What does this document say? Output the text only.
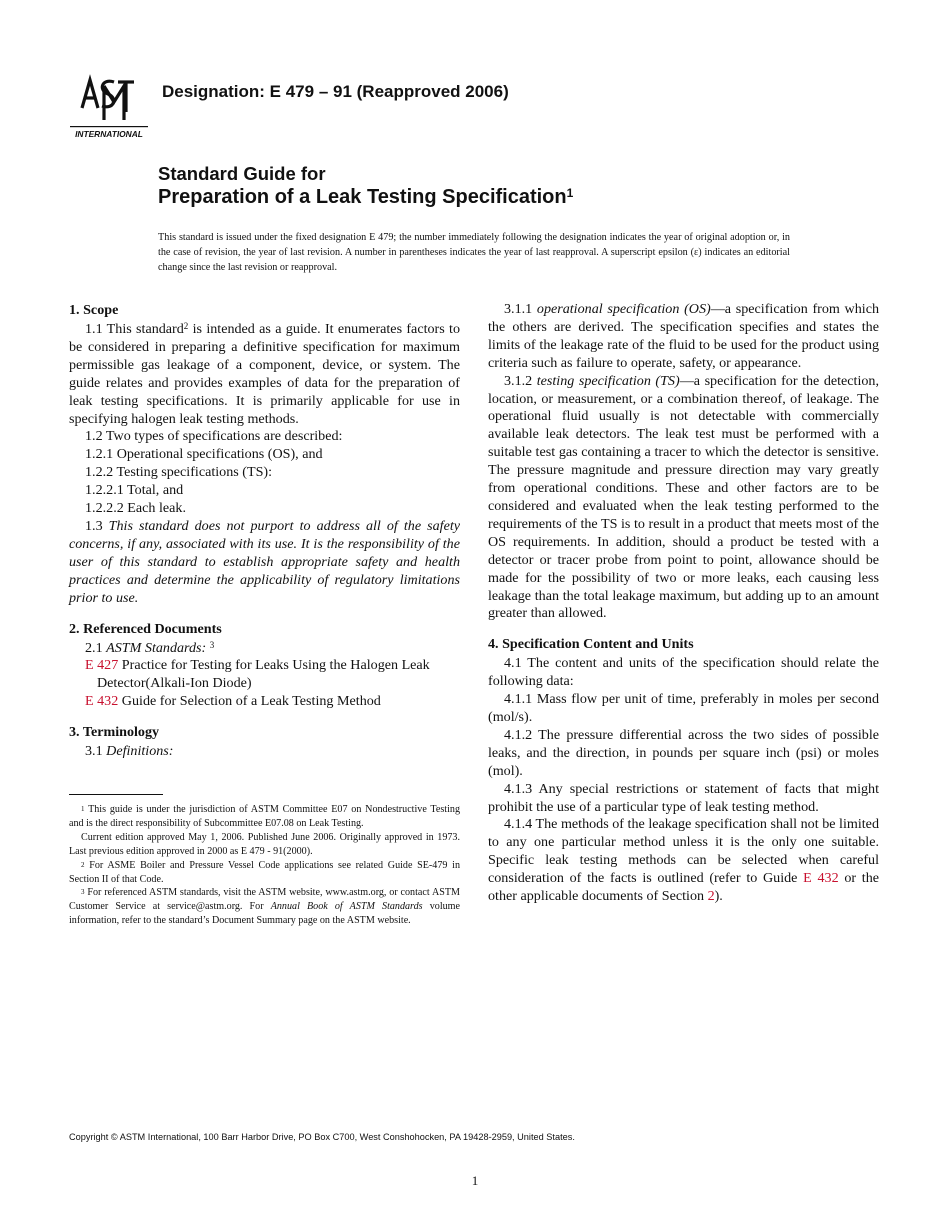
INTERNATIONAL
Designation: E 479 – 91 (Reapproved 2006)
Standard Guide for
Preparation of a Leak Testing Specification$^1$
This standard is issued under the fixed designation E 479; the number immediately following the designation indicates the year of original adoption or, in the case of revision, the year of last revision. A number in parentheses indicates the year of last reapproval. A superscript epsilon (ε) indicates an editorial change since the last revision or reapproval.
1. Scope

1.1 This standard$^2$ is intended as a guide. It enumerates factors to be considered in preparing a definitive specification for maximum permissible gas leakage of a component, device, or system. The guide relates and provides examples of data for the preparation of leak testing specifications. It is primarily applicable for use in specifying halogen leak testing methods.

1.2 Two types of specifications are described:

1.2.1 Operational specifications (OS), and

1.2.2 Testing specifications (TS):

1.2.2.1 Total, and

1.2.2.2 Each leak.

1.3 This standard does not purport to address all of the safety concerns, if any, associated with its use. It is the responsibility of the user of this standard to establish appropriate safety and health practices and determine the applicability of regulatory limitations prior to use.

2. Referenced Documents

2.1 ASTM Standards: $^3$

E 427 Practice for Testing for Leaks Using the Halogen Leak Detector(Alkali-Ion Diode)

E 432 Guide for Selection of a Leak Testing Method

3. Terminology

3.1 Definitions:

$^1$ This guide is under the jurisdiction of ASTM Committee E07 on Nondestructive Testing and is the direct responsibility of Subcommittee E07.08 on Leak Testing.

Current edition approved May 1, 2006. Published June 2006. Originally approved in 1973. Last previous edition approved in 2000 as E 479 - 91(2000).

$^2$ For ASME Boiler and Pressure Vessel Code applications see related Guide SE-479 in Section II of that Code.

$^3$ For referenced ASTM standards, visit the ASTM website, www.astm.org, or contact ASTM Customer Service at service@astm.org. For Annual Book of ASTM Standards volume information, refer to the standard’s Document Summary page on the ASTM website.

3.1.1 operational specification (OS)—a specification from which the others are derived. The specification specifies and states the limits of the leakage rate of the fluid to be used for the product using criteria such as failure to operate, safety, or appearance.

3.1.2 testing specification (TS)—a specification for the detection, location, or measurement, or a combination thereof, of leakage. The operational fluid usually is not detectable with commercially available leak detectors. The leak test must be performed with a suitable test gas containing a tracer to which the detector is sensitive. The pressure magnitude and pressure direction may vary greatly from operational conditions. These and other factors are to be considered and evaluated when the leak testing performed to the requirements of the TS is to result in a product that meets most of the OS requirements. In addition, should a product be tested with a detector or tracer probe from point to point, allowance should be made for the possibility of two or more leaks, each causing less leakage than the total leakage maximum, but adding up to an amount greater than allowed.

4. Specification Content and Units

4.1 The content and units of the specification should relate the following data:

4.1.1 Mass flow per unit of time, preferably in moles per second (mol/s).

4.1.2 The pressure differential across the two sides of possible leaks, and the direction, in pounds per square inch (psi) or moles (mol).

4.1.3 Any special restrictions or statement of facts that might prohibit the use of a particular type of leak testing method.

4.1.4 The methods of the leakage specification shall not be limited to any one particular method unless it is the only one suitable. Specific leak testing methods can be selected when careful consideration of the facts is outlined (refer to Guide E 432 or the other applicable documents of Section 2).

Copyright © ASTM International, 100 Barr Harbor Drive, PO Box C700, West Conshohocken, PA 19428-2959, United States.
1
